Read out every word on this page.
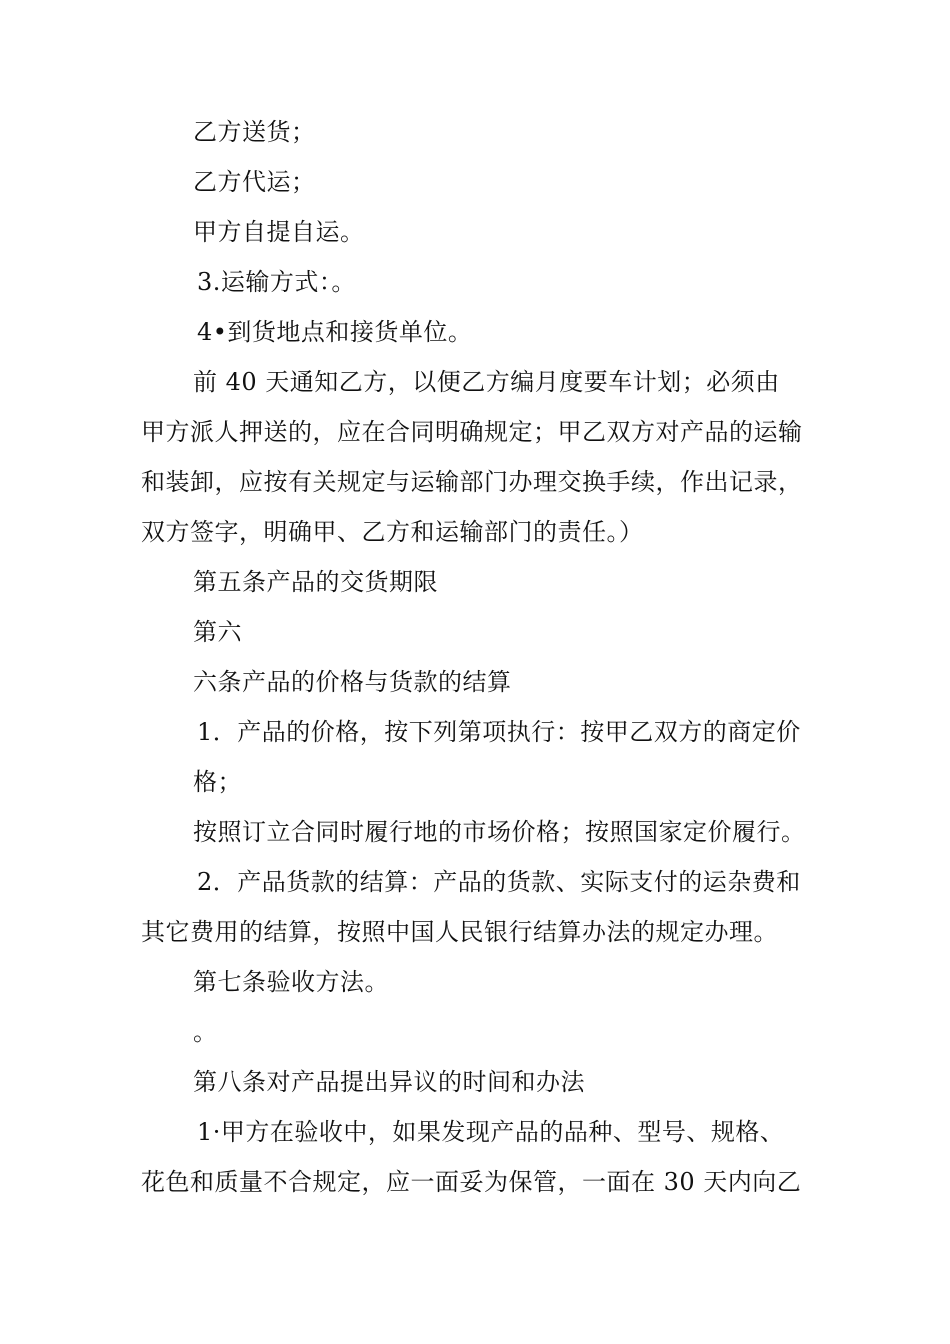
乙方送货；
乙方代运；
甲方自提自运。
3.运输方式：。
4•到货地点和接货单位。
前 40 天通知乙方，以便乙方编月度要车计划；必须由
甲方派人押送的，应在合同明确规定；甲乙双方对产品的运输
和装卸，应按有关规定与运输部门办理交换手续，作出记录，
双方签字，明确甲、乙方和运输部门的责任。）
第五条产品的交货期限
第六
六条产品的价格与货款的结算
1．产品的价格，按下列第项执行：按甲乙双方的商定价
格；
按照订立合同时履行地的市场价格；按照国家定价履行。
2．产品货款的结算：产品的货款、实际支付的运杂费和
其它费用的结算，按照中国人民银行结算办法的规定办理。
第七条验收方法。
。
第八条对产品提出异议的时间和办法
1·甲方在验收中，如果发现产品的品种、型号、规格、
花色和质量不合规定，应一面妥为保管，一面在 30 天内向乙
